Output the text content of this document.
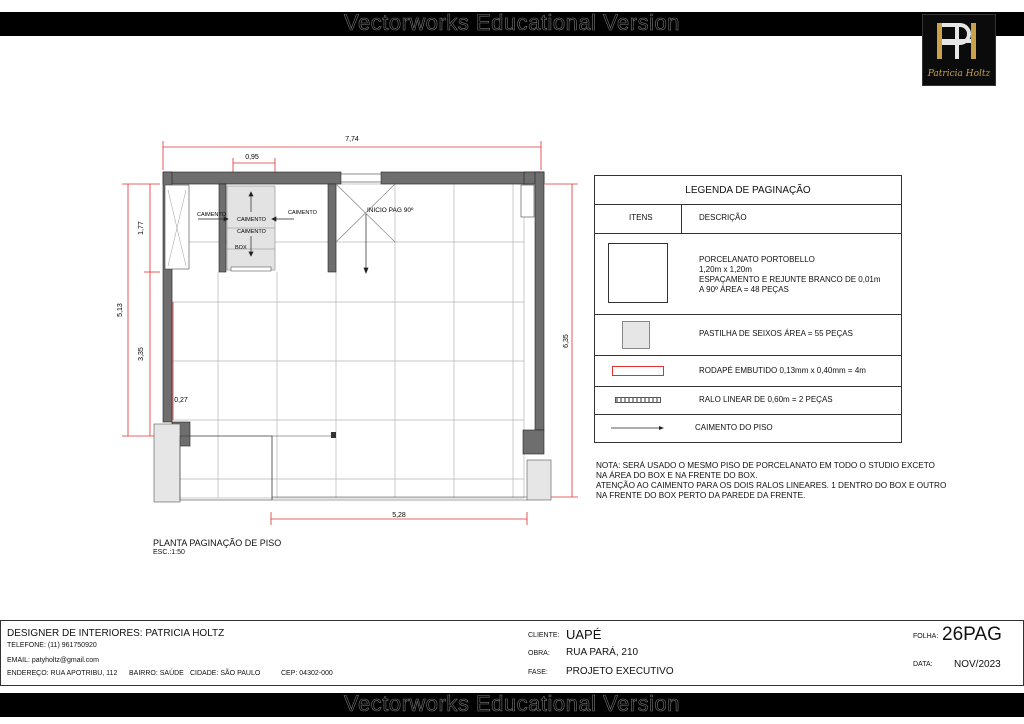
Vectorworks Educational Version
Vectorworks Educational Version
Patricia Holtz
7,74
0,95
1,77
5,13
3,35
0,27
6,35
5,28
CAIMENTO	CAIMENTO
CAIMENTO
CAIMENTO
BOX
INICIO PAG 90º
PLANTA PAGINAÇÃO DE PISO
ESC.:1:50
LEGENDA DE PAGINAÇÃO
ITENS	DESCRIÇÃO
PORCELANATO PORTOBELLO
1,20m x 1,20m
ESPAÇAMENTO E REJUNTE BRANCO DE 0,01m
A 90º ÁREA = 48 PEÇAS
PASTILHA DE SEIXOS ÁREA = 55 PEÇAS
RODAPÉ EMBUTIDO 0,13mm x 0,40mm = 4m
RALO LINEAR DE 0,60m = 2 PEÇAS
CAIMENTO DO PISO
NOTA: SERÁ USADO O MESMO PISO DE PORCELANATO EM TODO O STUDIO EXCETO
NA ÁREA DO BOX E NA FRENTE DO BOX.
ATENÇÃO AO CAIMENTO PARA OS DOIS RALOS LINEARES. 1 DENTRO DO BOX E OUTRO
NA FRENTE DO BOX PERTO DA PAREDE DA FRENTE.
DESIGNER DE INTERIORES: PATRICIA HOLTZ
TELEFONE: (11) 961750920
EMAIL: patyholtz@gmail.com
ENDEREÇO: RUA APOTRIBU, 112 BAIRRO: SAÚDE CIDADE: SÃO PAULO	CEP: 04302-000
CLIENTE: UAPÉ
OBRA: RUA PARÁ, 210
FASE: PROJETO EXECUTIVO
FOLHA: 26PAG
DATA: NOV/2023
